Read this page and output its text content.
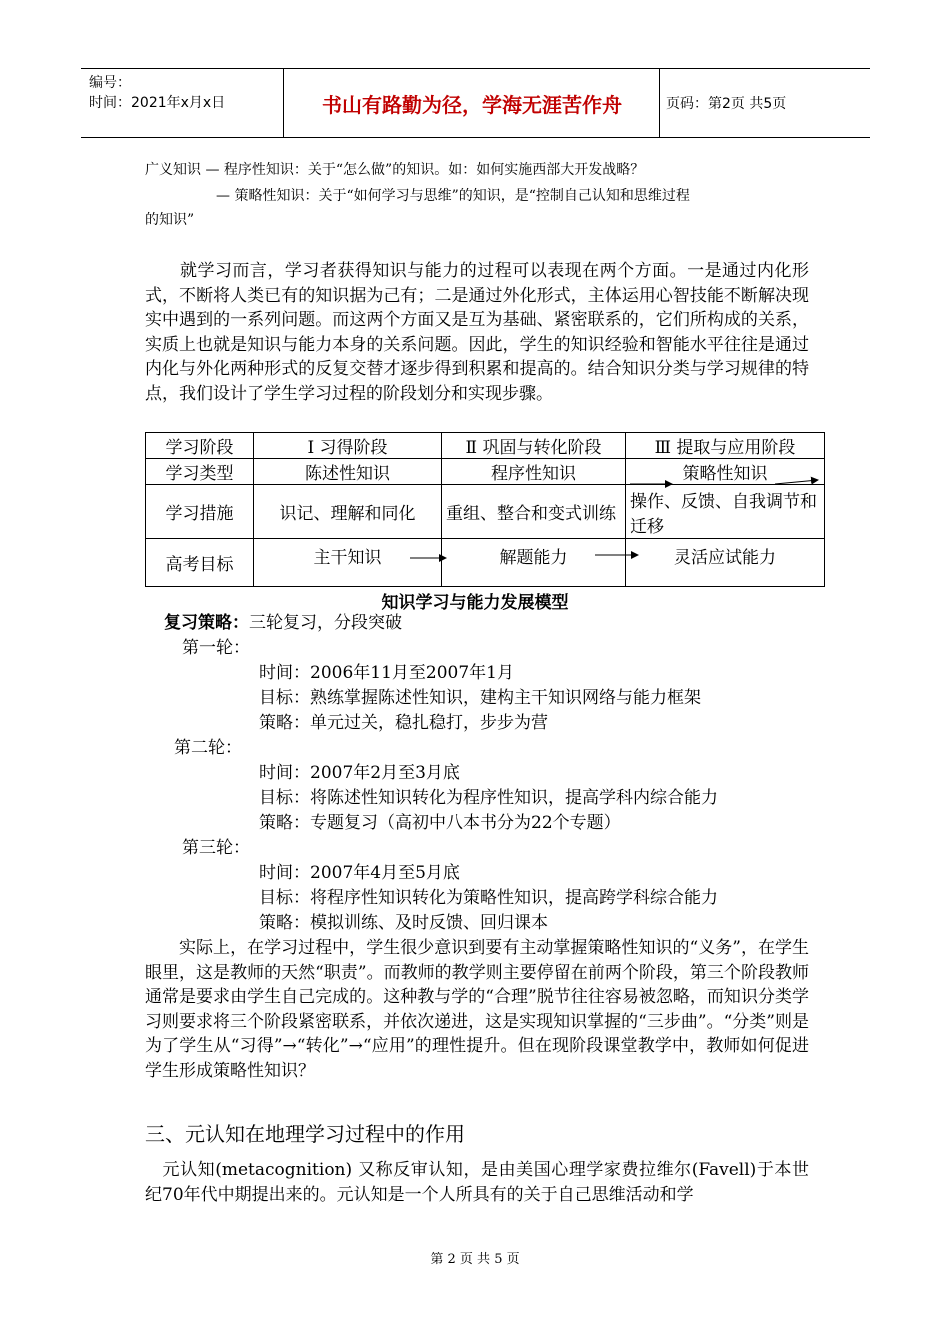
编号：
时间：2021年x月x日	书山有路勤为径，学海无涯苦作舟	页码：第2页 共5页
广义知识 — 程序性知识：关于“怎么做”的知识。如：如何实施西部大开发战略？
— 策略性知识：关于“如何学习与思维”的知识，是“控制自己认知和思维过程
的知识”
　　就学习而言，学习者获得知识与能力的过程可以表现在两个方面。一是通过内化形式，不断将人类已有的知识据为己有；二是通过外化形式，主体运用心智技能不断解决现实中遇到的一系列问题。而这两个方面又是互为基础、紧密联系的，它们所构成的关系，实质上也就是知识与能力本身的关系问题。因此，学生的知识经验和智能水平往往是通过内化与外化两种形式的反复交替才逐步得到积累和提高的。结合知识分类与学习规律的特点，我们设计了学生学习过程的阶段划分和实现步骤。
学习阶段	Ⅰ 习得阶段	Ⅱ 巩固与转化阶段	Ⅲ 提取与应用阶段
学习类型	陈述性知识	程序性知识	策略性知识
学习措施	识记、理解和同化	重组、整合和变式训练	操作、反馈、自我调节和迁移
高考目标	主干知识	解题能力	灵活应试能力
知识学习与能力发展模型
复习策略：三轮复习，分段突破
第一轮：
时间：2006年11月至2007年1月
目标：熟练掌握陈述性知识，建构主干知识网络与能力框架
策略：单元过关，稳扎稳打，步步为营
第二轮：
时间：2007年2月至3月底
目标：将陈述性知识转化为程序性知识，提高学科内综合能力
策略：专题复习（高初中八本书分为22个专题）
第三轮：
时间：2007年4月至5月底
目标：将程序性知识转化为策略性知识，提高跨学科综合能力
策略：模拟训练、及时反馈、回归课本
　　实际上，在学习过程中，学生很少意识到要有主动掌握策略性知识的“义务”，在学生眼里，这是教师的天然“职责”。而教师的教学则主要停留在前两个阶段，第三个阶段教师通常是要求由学生自己完成的。这种教与学的“合理”脱节往往容易被忽略，而知识分类学习则要求将三个阶段紧密联系，并依次递进，这是实现知识掌握的“三步曲”。“分类”则是为了学生从“习得”→“转化”→“应用”的理性提升。但在现阶段课堂教学中，教师如何促进学生形成策略性知识？
三、元认知在地理学习过程中的作用
　元认知(metacognition) 又称反审认知，是由美国心理学家费拉维尔(Favell)于本世纪70年代中期提出来的。元认知是一个人所具有的关于自己思维活动和学
第 2 页 共 5 页
